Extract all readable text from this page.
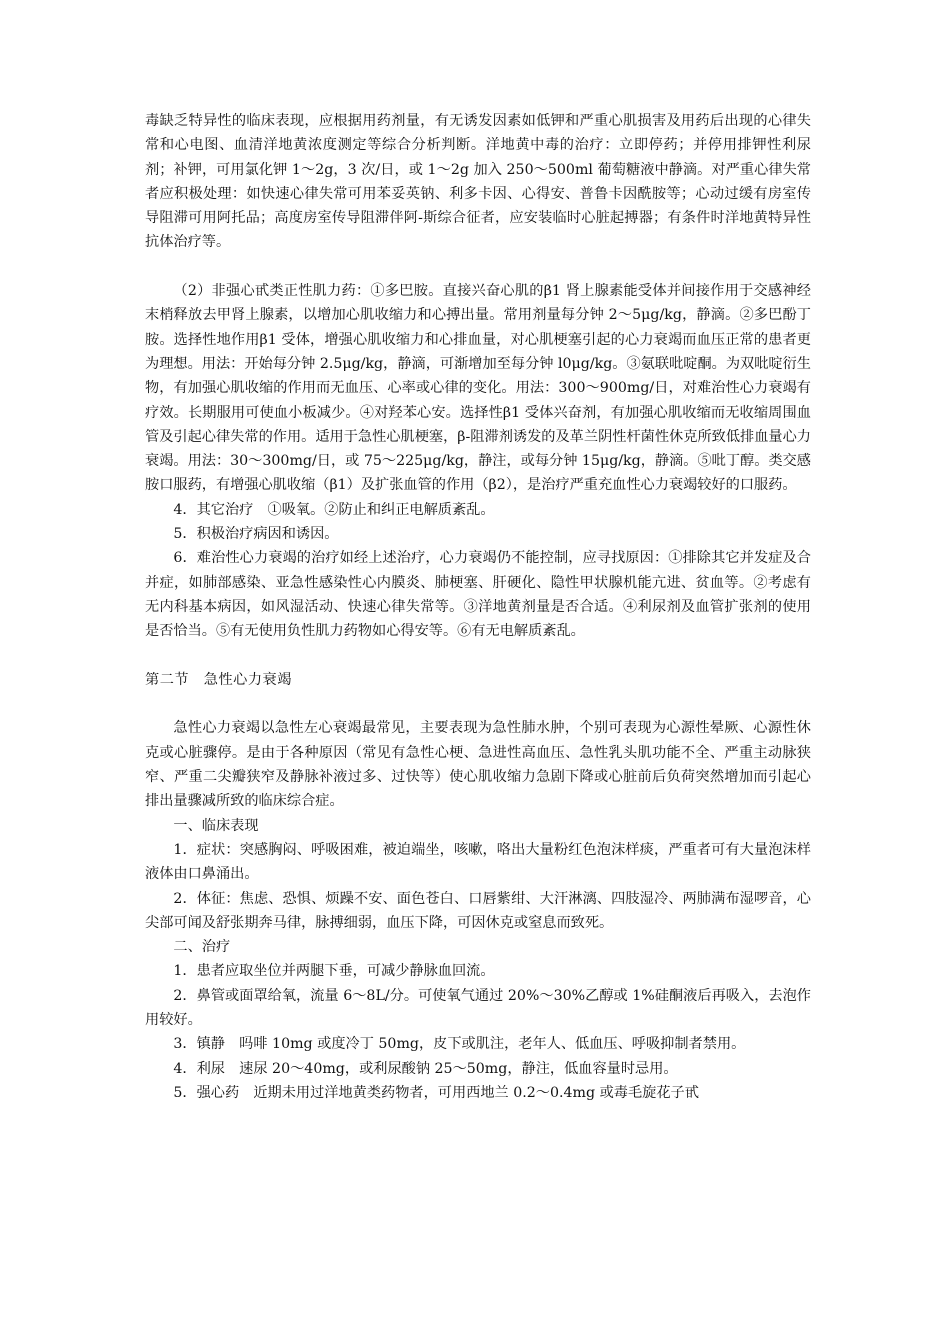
毒缺乏特异性的临床表现，应根据用药剂量，有无诱发因素如低钾和严重心肌损害及用药后出现的心律失常和心电图、血清洋地黄浓度测定等综合分析判断。洋地黄中毒的治疗：立即停药；并停用排钾性利尿剂；补钾，可用氯化钾 1～2g，3 次/日，或 1～2g 加入 250～500ml 葡萄糖液中静滴。对严重心律失常者应积极处理：如快速心律失常可用苯妥英钠、利多卡因、心得安、普鲁卡因酰胺等；心动过缓有房室传导阻滞可用阿托品；高度房室传导阻滞伴阿-斯综合征者，应安装临时心脏起搏器；有条件时洋地黄特异性抗体治疗等。

（2）非强心甙类正性肌力药：①多巴胺。直接兴奋心肌的β1 肾上腺素能受体并间接作用于交感神经末梢释放去甲肾上腺素，以增加心肌收缩力和心搏出量。常用剂量每分钟 2～5μg/kg，静滴。②多巴酚丁胺。选择性地作用β1 受体，增强心肌收缩力和心排血量，对心肌梗塞引起的心力衰竭而血压正常的患者更为理想。用法：开始每分钟 2.5μg/kg，静滴，可渐增加至每分钟 l0μg/kg。③氨联吡啶酮。为双吡啶衍生物，有加强心肌收缩的作用而无血压、心率或心律的变化。用法：300～900mg/日，对难治性心力衰竭有疗效。长期服用可使血小板减少。④对羟苯心安。选择性β1 受体兴奋剂，有加强心肌收缩而无收缩周围血管及引起心律失常的作用。适用于急性心肌梗塞，β-阻滞剂诱发的及革兰阴性杆菌性休克所致低排血量心力衰竭。用法：30～300mg/日，或 75～225μg/kg，静注，或每分钟 15μg/kg，静滴。⑤吡丁醇。类交感胺口服药，有增强心肌收缩（β1）及扩张血管的作用（β2），是治疗严重充血性心力衰竭较好的口服药。

4．其它治疗　①吸氧。②防止和纠正电解质紊乱。

5．积极治疗病因和诱因。

6．难治性心力衰竭的治疗如经上述治疗，心力衰竭仍不能控制，应寻找原因：①排除其它并发症及合并症，如肺部感染、亚急性感染性心内膜炎、肺梗塞、肝硬化、隐性甲状腺机能亢进、贫血等。②考虑有无内科基本病因，如风湿活动、快速心律失常等。③洋地黄剂量是否合适。④利尿剂及血管扩张剂的使用是否恰当。⑤有无使用负性肌力药物如心得安等。⑥有无电解质紊乱。

第二节　急性心力衰竭

急性心力衰竭以急性左心衰竭最常见，主要表现为急性肺水肿，个别可表现为心源性晕厥、心源性休克或心脏骤停。是由于各种原因（常见有急性心梗、急进性高血压、急性乳头肌功能不全、严重主动脉狭窄、严重二尖瓣狭窄及静脉补液过多、过快等）使心肌收缩力急剧下降或心脏前后负荷突然增加而引起心排出量骤减所致的临床综合症。

一、临床表现

1．症状：突感胸闷、呼吸困难，被迫端坐，咳嗽，咯出大量粉红色泡沫样痰，严重者可有大量泡沫样液体由口鼻涌出。

2．体征：焦虑、恐惧、烦躁不安、面色苍白、口唇紫绀、大汗淋漓、四肢湿冷、两肺满布湿啰音，心尖部可闻及舒张期奔马律，脉搏细弱，血压下降，可因休克或窒息而致死。

二、治疗

1．患者应取坐位并两腿下垂，可减少静脉血回流。

2．鼻管或面罩给氧，流量 6～8L/分。可使氧气通过 20%～30%乙醇或 1%硅酮液后再吸入，去泡作用较好。

3．镇静　吗啡 10mg 或度冷丁 50mg，皮下或肌注，老年人、低血压、呼吸抑制者禁用。

4．利尿　速尿 20～40mg，或利尿酸钠 25～50mg，静注，低血容量时忌用。

5．强心药　近期未用过洋地黄类药物者，可用西地兰 0.2～0.4mg 或毒毛旋花子甙
